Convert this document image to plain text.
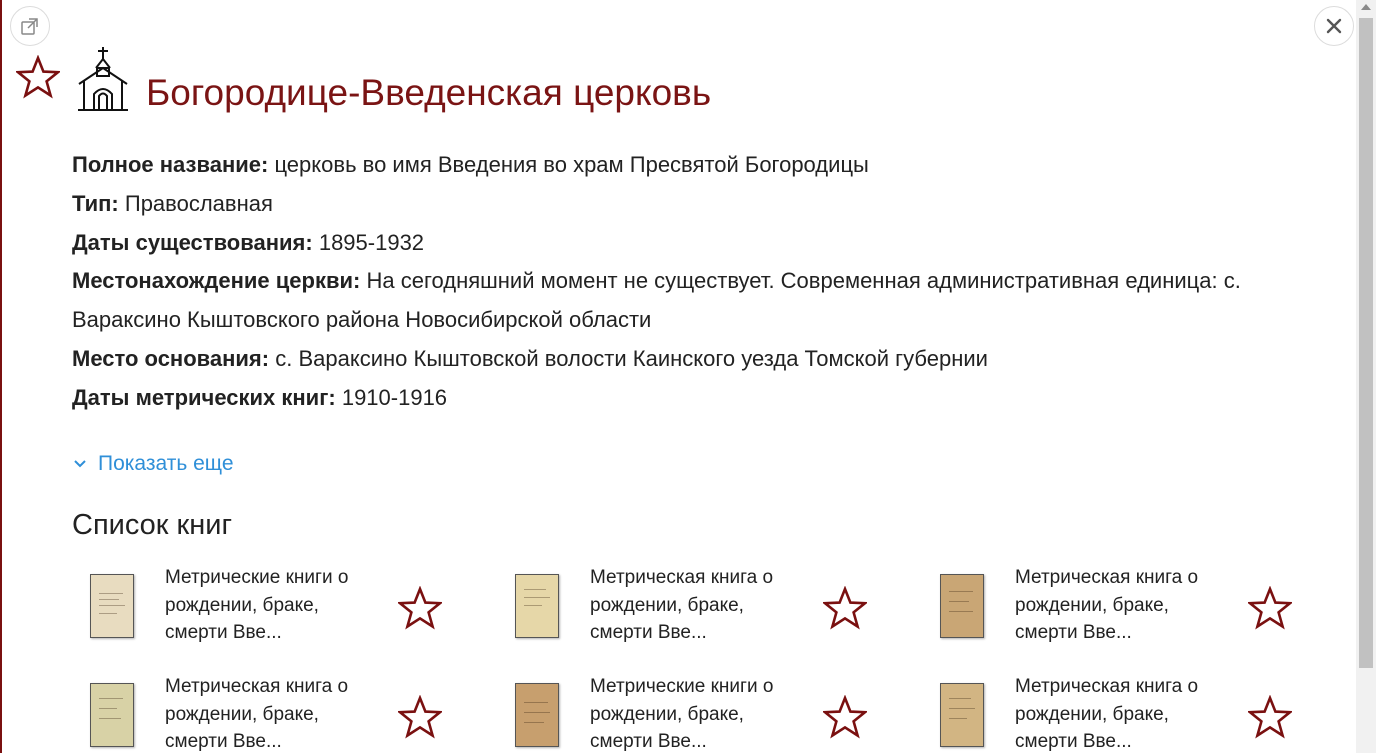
Богородице-Введенская церковь

Полное название: церковь во имя Введения во храм Пресвятой Богородицы

Тип: Православная

Даты существования: 1895-1932

Местонахождение церкви: На сегодняшний момент не существует. Современная административная единица: с. Вараксино Кыштовского района Новосибирской области

Место основания: с. Вараксино Кыштовской волости Каинского уезда Томской губернии

Даты метрических книг: 1910-1916

Показать еще
Список книг
Метрические книги о рождении, браке, смерти Вве...
Метрическая книга о рождении, браке, смерти Вве...
Метрическая книга о рождении, браке, смерти Вве...
Метрическая книга о рождении, браке, смерти Вве...
Метрические книги о рождении, браке, смерти Вве...
Метрическая книга о рождении, браке, смерти Вве...
